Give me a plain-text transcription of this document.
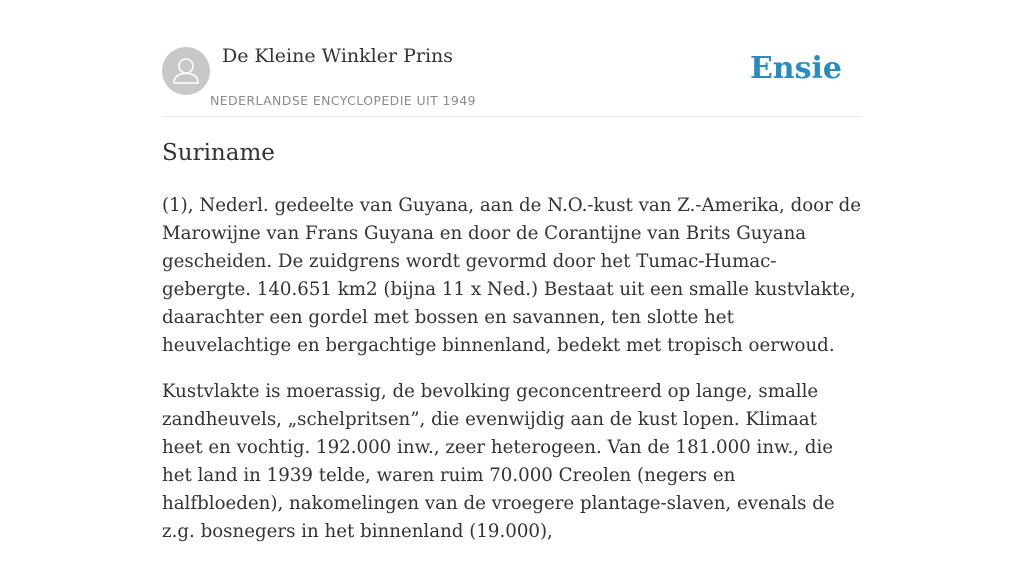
De Kleine Winkler Prins
NEDERLANDSE ENCYCLOPEDIE UIT 1949
Ensie
Suriname

(1), Nederl. gedeelte van Guyana, aan de N.O.-kust van Z.-Amerika, door de Marowijne van Frans Guyana en door de Corantijne van Brits Guyana gescheiden. De zuidgrens wordt gevormd door het Tumac-Humac-gebergte. 140.651 km2 (bijna 11 x Ned.) Bestaat uit een smalle kustvlakte, daarachter een gordel met bossen en savannen, ten slotte het heuvelachtige en bergachtige binnenland, bedekt met tropisch oerwoud.

Kustvlakte is moerassig, de bevolking geconcentreerd op lange, smalle zandheuvels, „schelpritsen”, die evenwijdig aan de kust lopen. Klimaat heet en vochtig. 192.000 inw., zeer heterogeen. Van de 181.000 inw., die het land in 1939 telde, waren ruim 70.000 Creolen (negers en halfbloeden), nakomelingen van de vroegere plantage-slaven, evenals de z.g. bosnegers in het binnenland (19.000),
